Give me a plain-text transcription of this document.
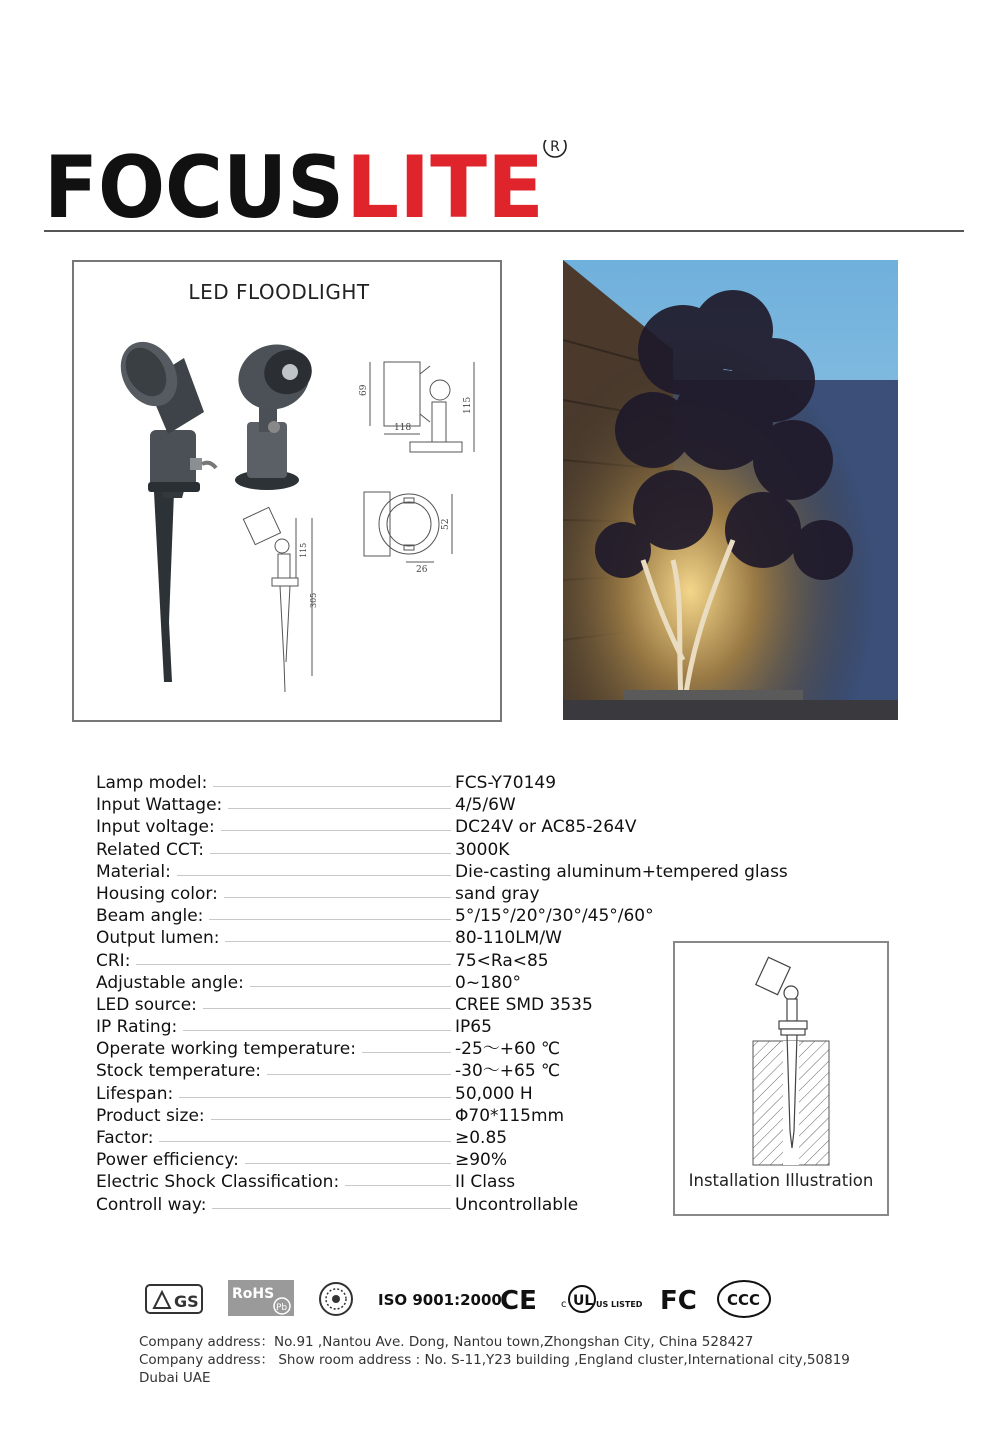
FOCUS LITE R
69
118
115
52
26
115
305
LED FLOODLIGHT
Lamp model:	FCS-Y70149
Input Wattage:	4/5/6W
Input voltage:	DC24V or AC85-264V
Related CCT:	3000K
Material:	Die-casting aluminum+tempered glass
Housing color:	sand gray
Beam angle:	5°/15°/20°/30°/45°/60°
Output lumen:	80-110LM/W
CRI:	75<Ra<85
Adjustable angle:	0~180°
LED source:	CREE SMD 3535
IP Rating:	IP65
Operate working temperature:	-25～+60 ℃
Stock temperature:	-30～+65 ℃
Lifespan:	50,000 H
Product size:	Φ70*115mm
Factor:	≥0.85
Power efficiency:	≥90%
Electric Shock Classification:	II Class
Controll way:	Uncontrollable
Installation Illustration
GS RoHS
Pb	ISO 9001:2000
CE c UL US LISTED FC CCC
Company address：No.91 ,Nantou Ave. Dong, Nantou town,Zhongshan City, China 528427
Company address： Show room address : No. S-11,Y23 building ,England cluster,International city,50819 Dubai UAE
